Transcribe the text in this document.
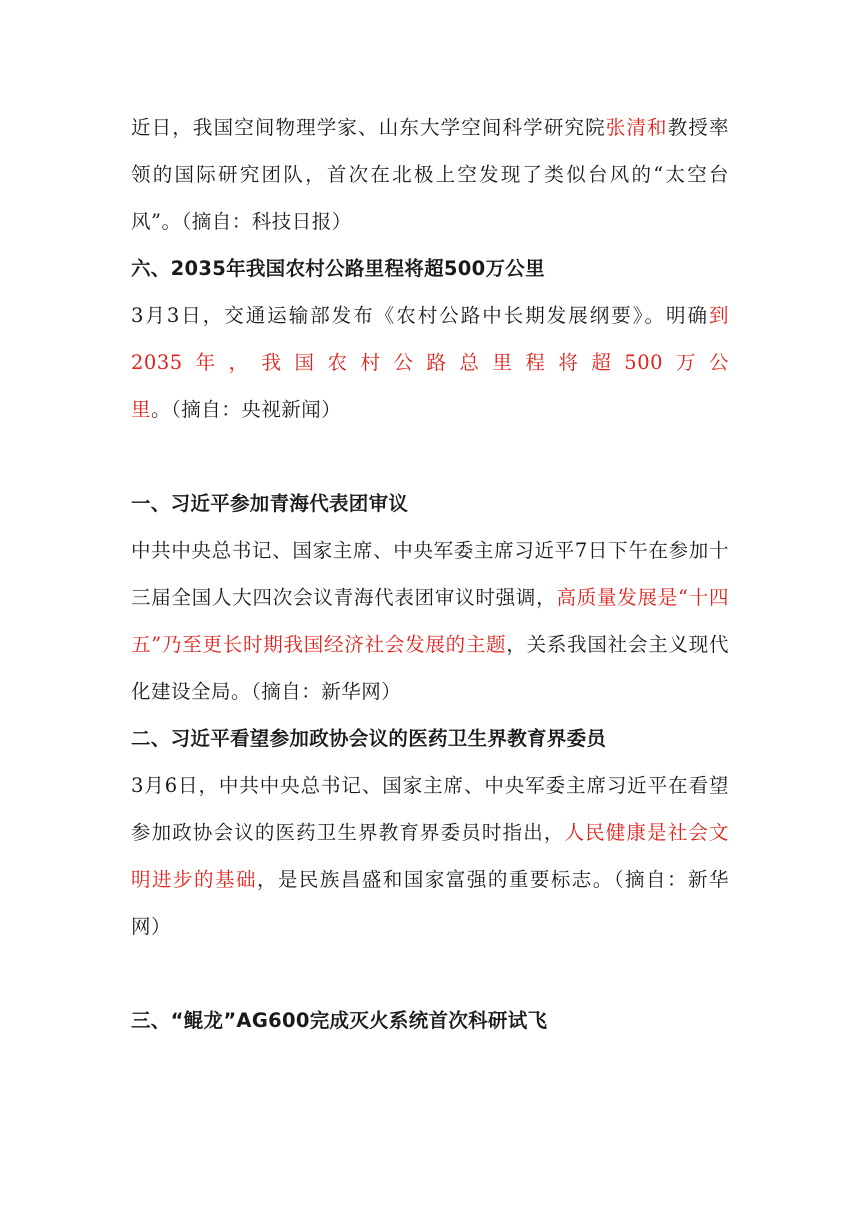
近日，我国空间物理学家、山东大学空间科学研究院张清和教授率领的国际研究团队，首次在北极上空发现了类似台风的“太空台风”。（摘自：科技日报）

六、2035年我国农村公路里程将超500万公里

3月3日，交通运输部发布《农村公路中长期发展纲要》。明确到2035年，我国农村公路总里程将超500万公里。（摘自：央视新闻）

一、习近平参加青海代表团审议

中共中央总书记、国家主席、中央军委主席习近平7日下午在参加十三届全国人大四次会议青海代表团审议时强调，高质量发展是“十四五”乃至更长时期我国经济社会发展的主题，关系我国社会主义现代化建设全局。（摘自：新华网）

二、习近平看望参加政协会议的医药卫生界教育界委员

3月6日，中共中央总书记、国家主席、中央军委主席习近平在看望参加政协会议的医药卫生界教育界委员时指出，人民健康是社会文明进步的基础，是民族昌盛和国家富强的重要标志。（摘自：新华网）

三、“鲲龙”AG600完成灭火系统首次科研试飞
